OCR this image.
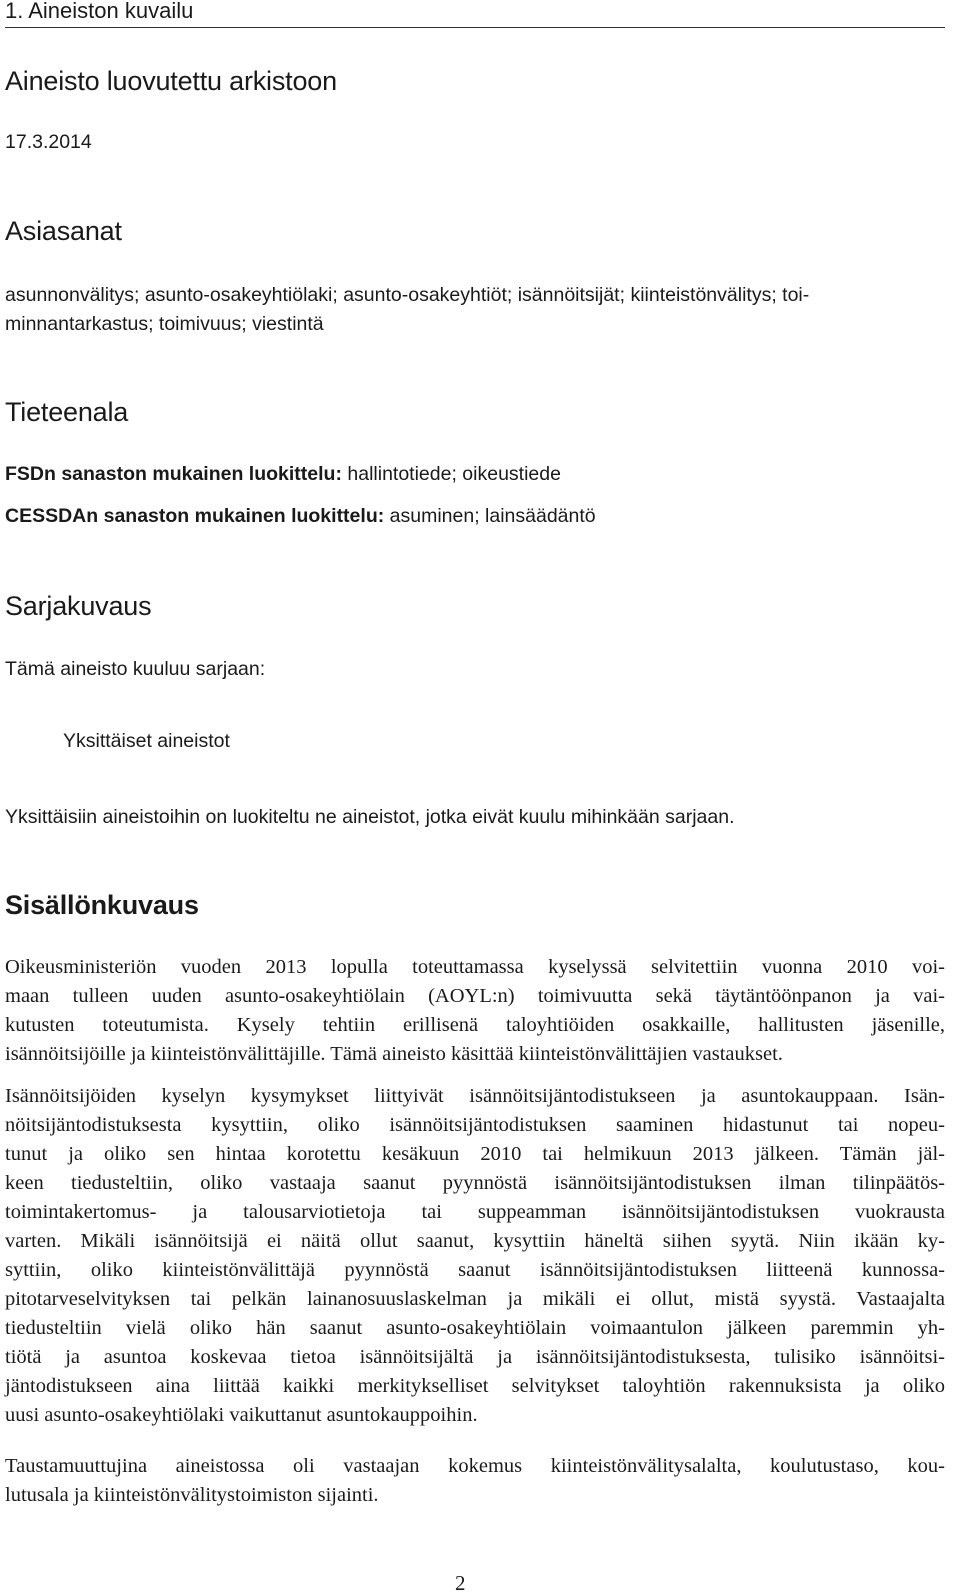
1. Aineiston kuvailu
Aineisto luovutettu arkistoon

17.3.2014

Asiasanat
asunnonvälitys; asunto-osakeyhtiölaki; asunto-osakeyhtiöt; isännöitsijät; kiinteistönvälitys; toi-
minnantarkastus; toimivuus; viestintä
Tieteenala

FSDn sanaston mukainen luokittelu: hallintotiede; oikeustiede

CESSDAn sanaston mukainen luokittelu: asuminen; lainsäädäntö

Sarjakuvaus

Tämä aineisto kuuluu sarjaan:

Yksittäiset aineistot

Yksittäisiin aineistoihin on luokiteltu ne aineistot, jotka eivät kuulu mihinkään sarjaan.

Sisällönkuvaus
Oikeusministeriön vuoden 2013 lopulla toteuttamassa kyselyssä selvitettiin vuonna 2010 voi-
maan tulleen uuden asunto-osakeyhtiölain (AOYL:n) toimivuutta sekä täytäntöönpanon ja vai-
kutusten toteutumista. Kysely tehtiin erillisenä taloyhtiöiden osakkaille, hallitusten jäsenille,
isännöitsijöille ja kiinteistönvälittäjille. Tämä aineisto käsittää kiinteistönvälittäjien vastaukset.
Isännöitsijöiden kyselyn kysymykset liittyivät isännöitsijäntodistukseen ja asuntokauppaan. Isän-
nöitsijäntodistuksesta kysyttiin, oliko isännöitsijäntodistuksen saaminen hidastunut tai nopeu-
tunut ja oliko sen hintaa korotettu kesäkuun 2010 tai helmikuun 2013 jälkeen. Tämän jäl-
keen tiedusteltiin, oliko vastaaja saanut pyynnöstä isännöitsijäntodistuksen ilman tilinpäätös-
toimintakertomus- ja talousarviotietoja tai suppeamman isännöitsijäntodistuksen vuokrausta
varten. Mikäli isännöitsijä ei näitä ollut saanut, kysyttiin häneltä siihen syytä. Niin ikään ky-
syttiin, oliko kiinteistönvälittäjä pyynnöstä saanut isännöitsijäntodistuksen liitteenä kunnossa-
pitotarveselvityksen tai pelkän lainanosuuslaskelman ja mikäli ei ollut, mistä syystä. Vastaajalta
tiedusteltiin vielä oliko hän saanut asunto-osakeyhtiölain voimaantulon jälkeen paremmin yh-
tiötä ja asuntoa koskevaa tietoa isännöitsijältä ja isännöitsijäntodistuksesta, tulisiko isännöitsi-
jäntodistukseen aina liittää kaikki merkitykselliset selvitykset taloyhtiön rakennuksista ja oliko
uusi asunto-osakeyhtiölaki vaikuttanut asuntokauppoihin.
Taustamuuttujina aineistossa oli vastaajan kokemus kiinteistönvälitysalalta, koulutustaso, kou-
lutusala ja kiinteistönvälitystoimiston sijainti.
2
